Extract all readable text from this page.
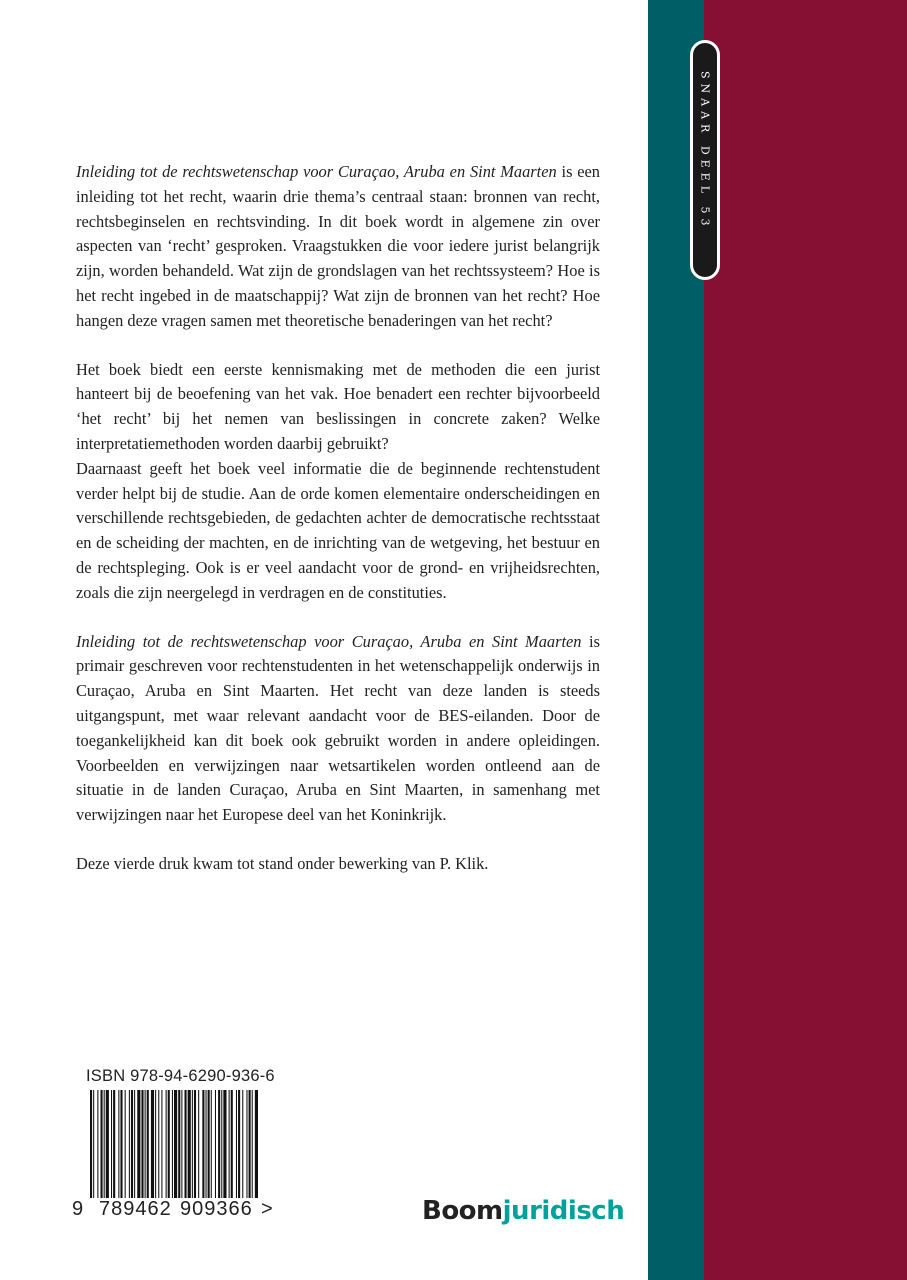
SNAAR DEEL 53

Inleiding tot de rechtswetenschap voor Curaçao, Aruba en Sint Maarten is een inleiding tot het recht, waarin drie thema’s centraal staan: bronnen van recht, rechtsbeginselen en rechtsvinding. In dit boek wordt in algemene zin over aspecten van ‘recht’ gesproken. Vraagstukken die voor iedere jurist belangrijk zijn, worden behandeld. Wat zijn de grondslagen van het rechtssysteem? Hoe is het recht ingebed in de maatschappij? Wat zijn de bronnen van het recht? Hoe hangen deze vragen samen met theoretische benaderingen van het recht?

Het boek biedt een eerste kennismaking met de methoden die een jurist hanteert bij de beoefening van het vak. Hoe benadert een rechter bijvoorbeeld ‘het recht’ bij het nemen van beslissingen in concrete zaken? Welke interpretatiemethoden worden daarbij gebruikt?

Daarnaast geeft het boek veel informatie die de beginnende rechtenstudent verder helpt bij de studie. Aan de orde komen elementaire onderscheidingen en verschillende rechtsgebieden, de gedachten achter de democratische rechtsstaat en de scheiding der machten, en de inrichting van de wetgeving, het bestuur en de rechtspleging. Ook is er veel aandacht voor de grond- en vrijheidsrechten, zoals die zijn neergelegd in verdragen en de constituties.

Inleiding tot de rechtswetenschap voor Curaçao, Aruba en Sint Maarten is primair geschreven voor rechtenstudenten in het wetenschappelijk onderwijs in Curaçao, Aruba en Sint Maarten. Het recht van deze landen is steeds uitgangspunt, met waar relevant aandacht voor de BES-eilanden. Door de toegankelijkheid kan dit boek ook gebruikt worden in andere opleidingen. Voorbeelden en verwijzingen naar wetsartikelen worden ontleend aan de situatie in de landen Curaçao, Aruba en Sint Maarten, in samenhang met verwijzingen naar het Europese deel van het Koninkrijk.

Deze vierde druk kwam tot stand onder bewerking van P. Klik.

ISBN 978-94-6290-936-6
9 789462 909366 >	Boomjuridisch
